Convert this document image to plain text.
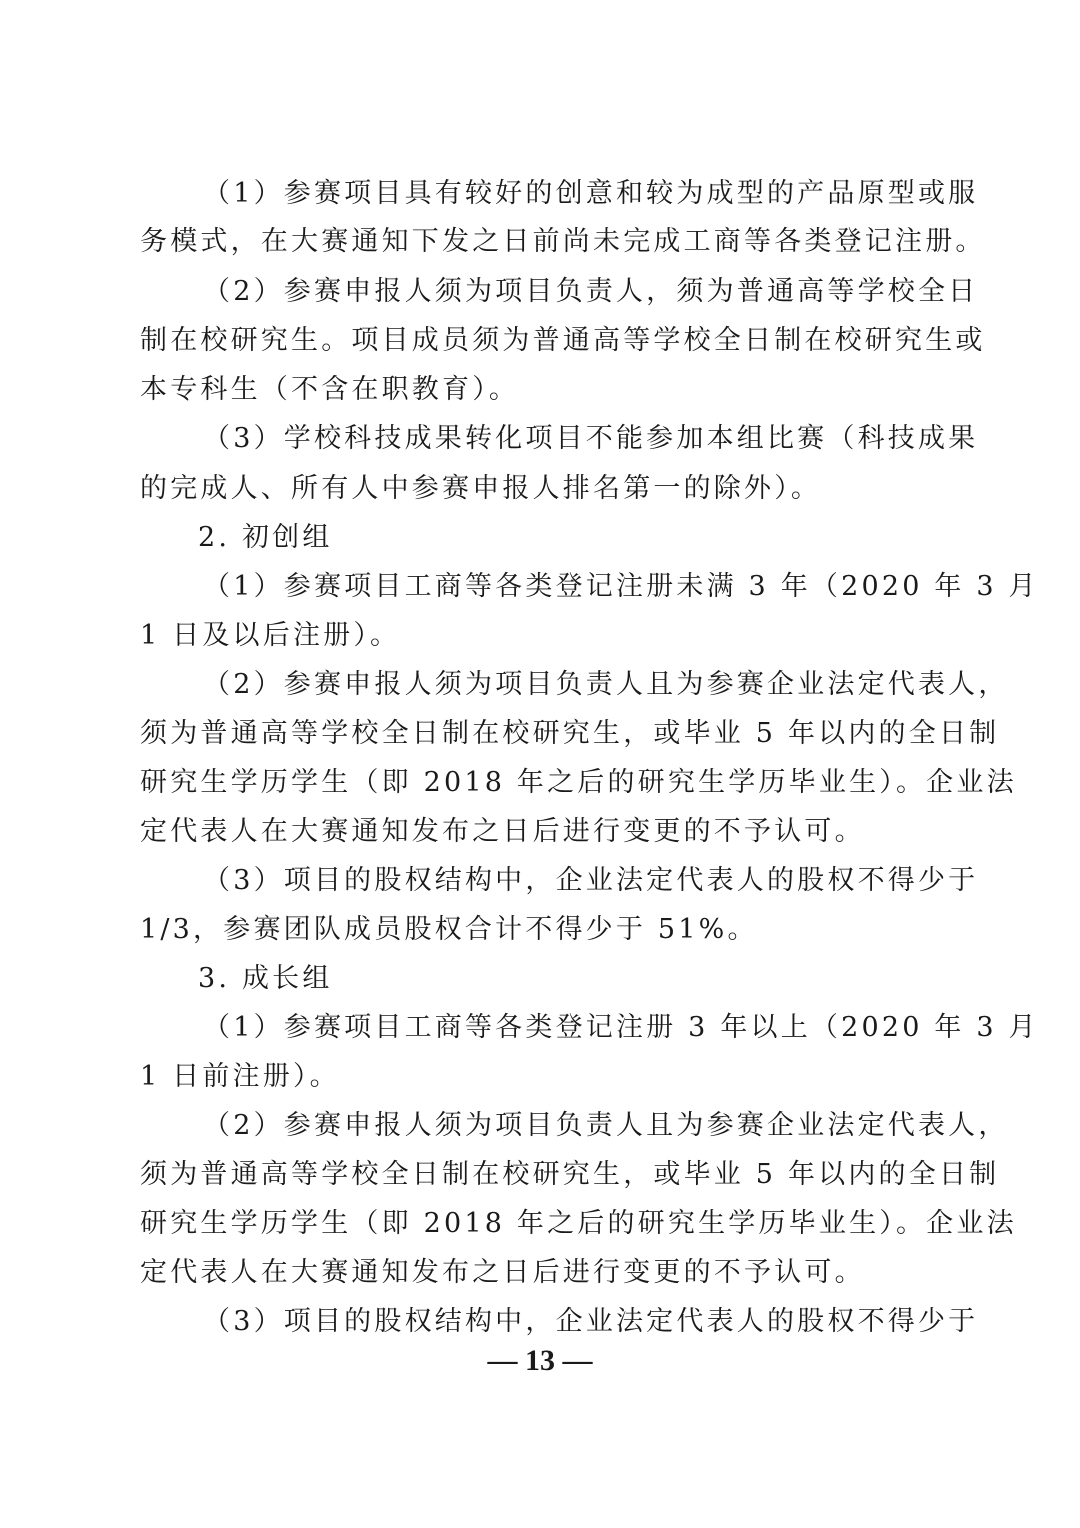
（1）参赛项目具有较好的创意和较为成型的产品原型或服
务模式，在大赛通知下发之日前尚未完成工商等各类登记注册。
（2）参赛申报人须为项目负责人，须为普通高等学校全日
制在校研究生。项目成员须为普通高等学校全日制在校研究生或
本专科生（不含在职教育）。
（3）学校科技成果转化项目不能参加本组比赛（科技成果
的完成人、所有人中参赛申报人排名第一的除外）。
2. 初创组
（1）参赛项目工商等各类登记注册未满 3 年（2020 年 3 月
1 日及以后注册）。
（2）参赛申报人须为项目负责人且为参赛企业法定代表人，
须为普通高等学校全日制在校研究生，或毕业 5 年以内的全日制
研究生学历学生（即 2018 年之后的研究生学历毕业生）。企业法
定代表人在大赛通知发布之日后进行变更的不予认可。
（3）项目的股权结构中，企业法定代表人的股权不得少于
1/3，参赛团队成员股权合计不得少于 51%。
3. 成长组
（1）参赛项目工商等各类登记注册 3 年以上（2020 年 3 月
1 日前注册）。
（2）参赛申报人须为项目负责人且为参赛企业法定代表人，
须为普通高等学校全日制在校研究生，或毕业 5 年以内的全日制
研究生学历学生（即 2018 年之后的研究生学历毕业生）。企业法
定代表人在大赛通知发布之日后进行变更的不予认可。
（3）项目的股权结构中，企业法定代表人的股权不得少于
— 13 —
